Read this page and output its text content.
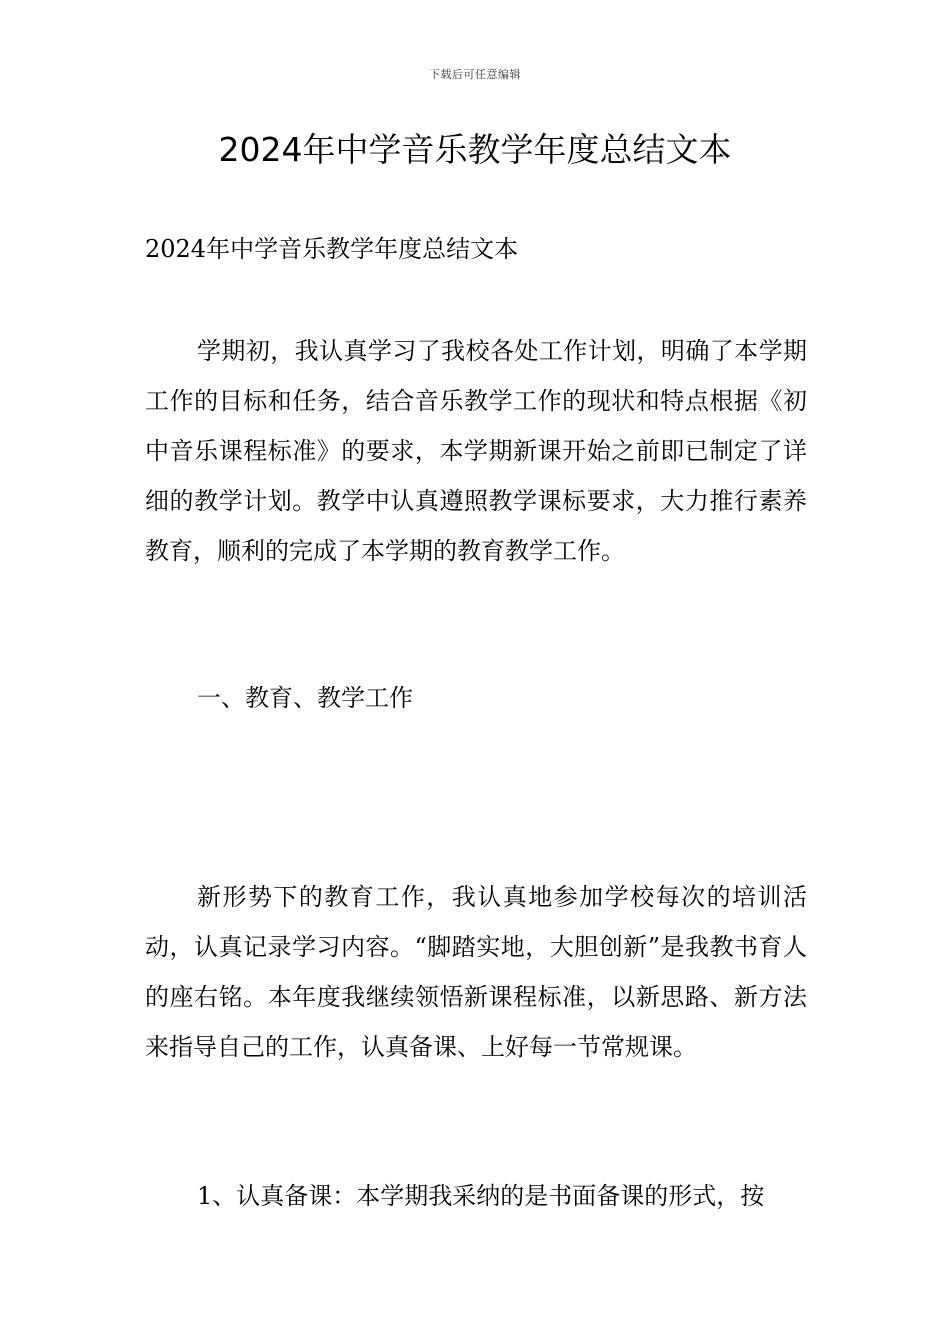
下载后可任意编辑
2024年中学音乐教学年度总结文本

2024年中学音乐教学年度总结文本

学期初，我认真学习了我校各处工作计划，明确了本学期工作的目标和任务，结合音乐教学工作的现状和特点根据《初中音乐课程标准》的要求，本学期新课开始之前即已制定了详细的教学计划。教学中认真遵照教学课标要求，大力推行素养教育，顺利的完成了本学期的教育教学工作。

一、教育、教学工作

新形势下的教育工作，我认真地参加学校每次的培训活动，认真记录学习内容。“脚踏实地，大胆创新”是我教书育人的座右铭。本年度我继续领悟新课程标准，以新思路、新方法来指导自己的工作，认真备课、上好每一节常规课。

1、认真备课：本学期我采纳的是书面备课的形式，按
